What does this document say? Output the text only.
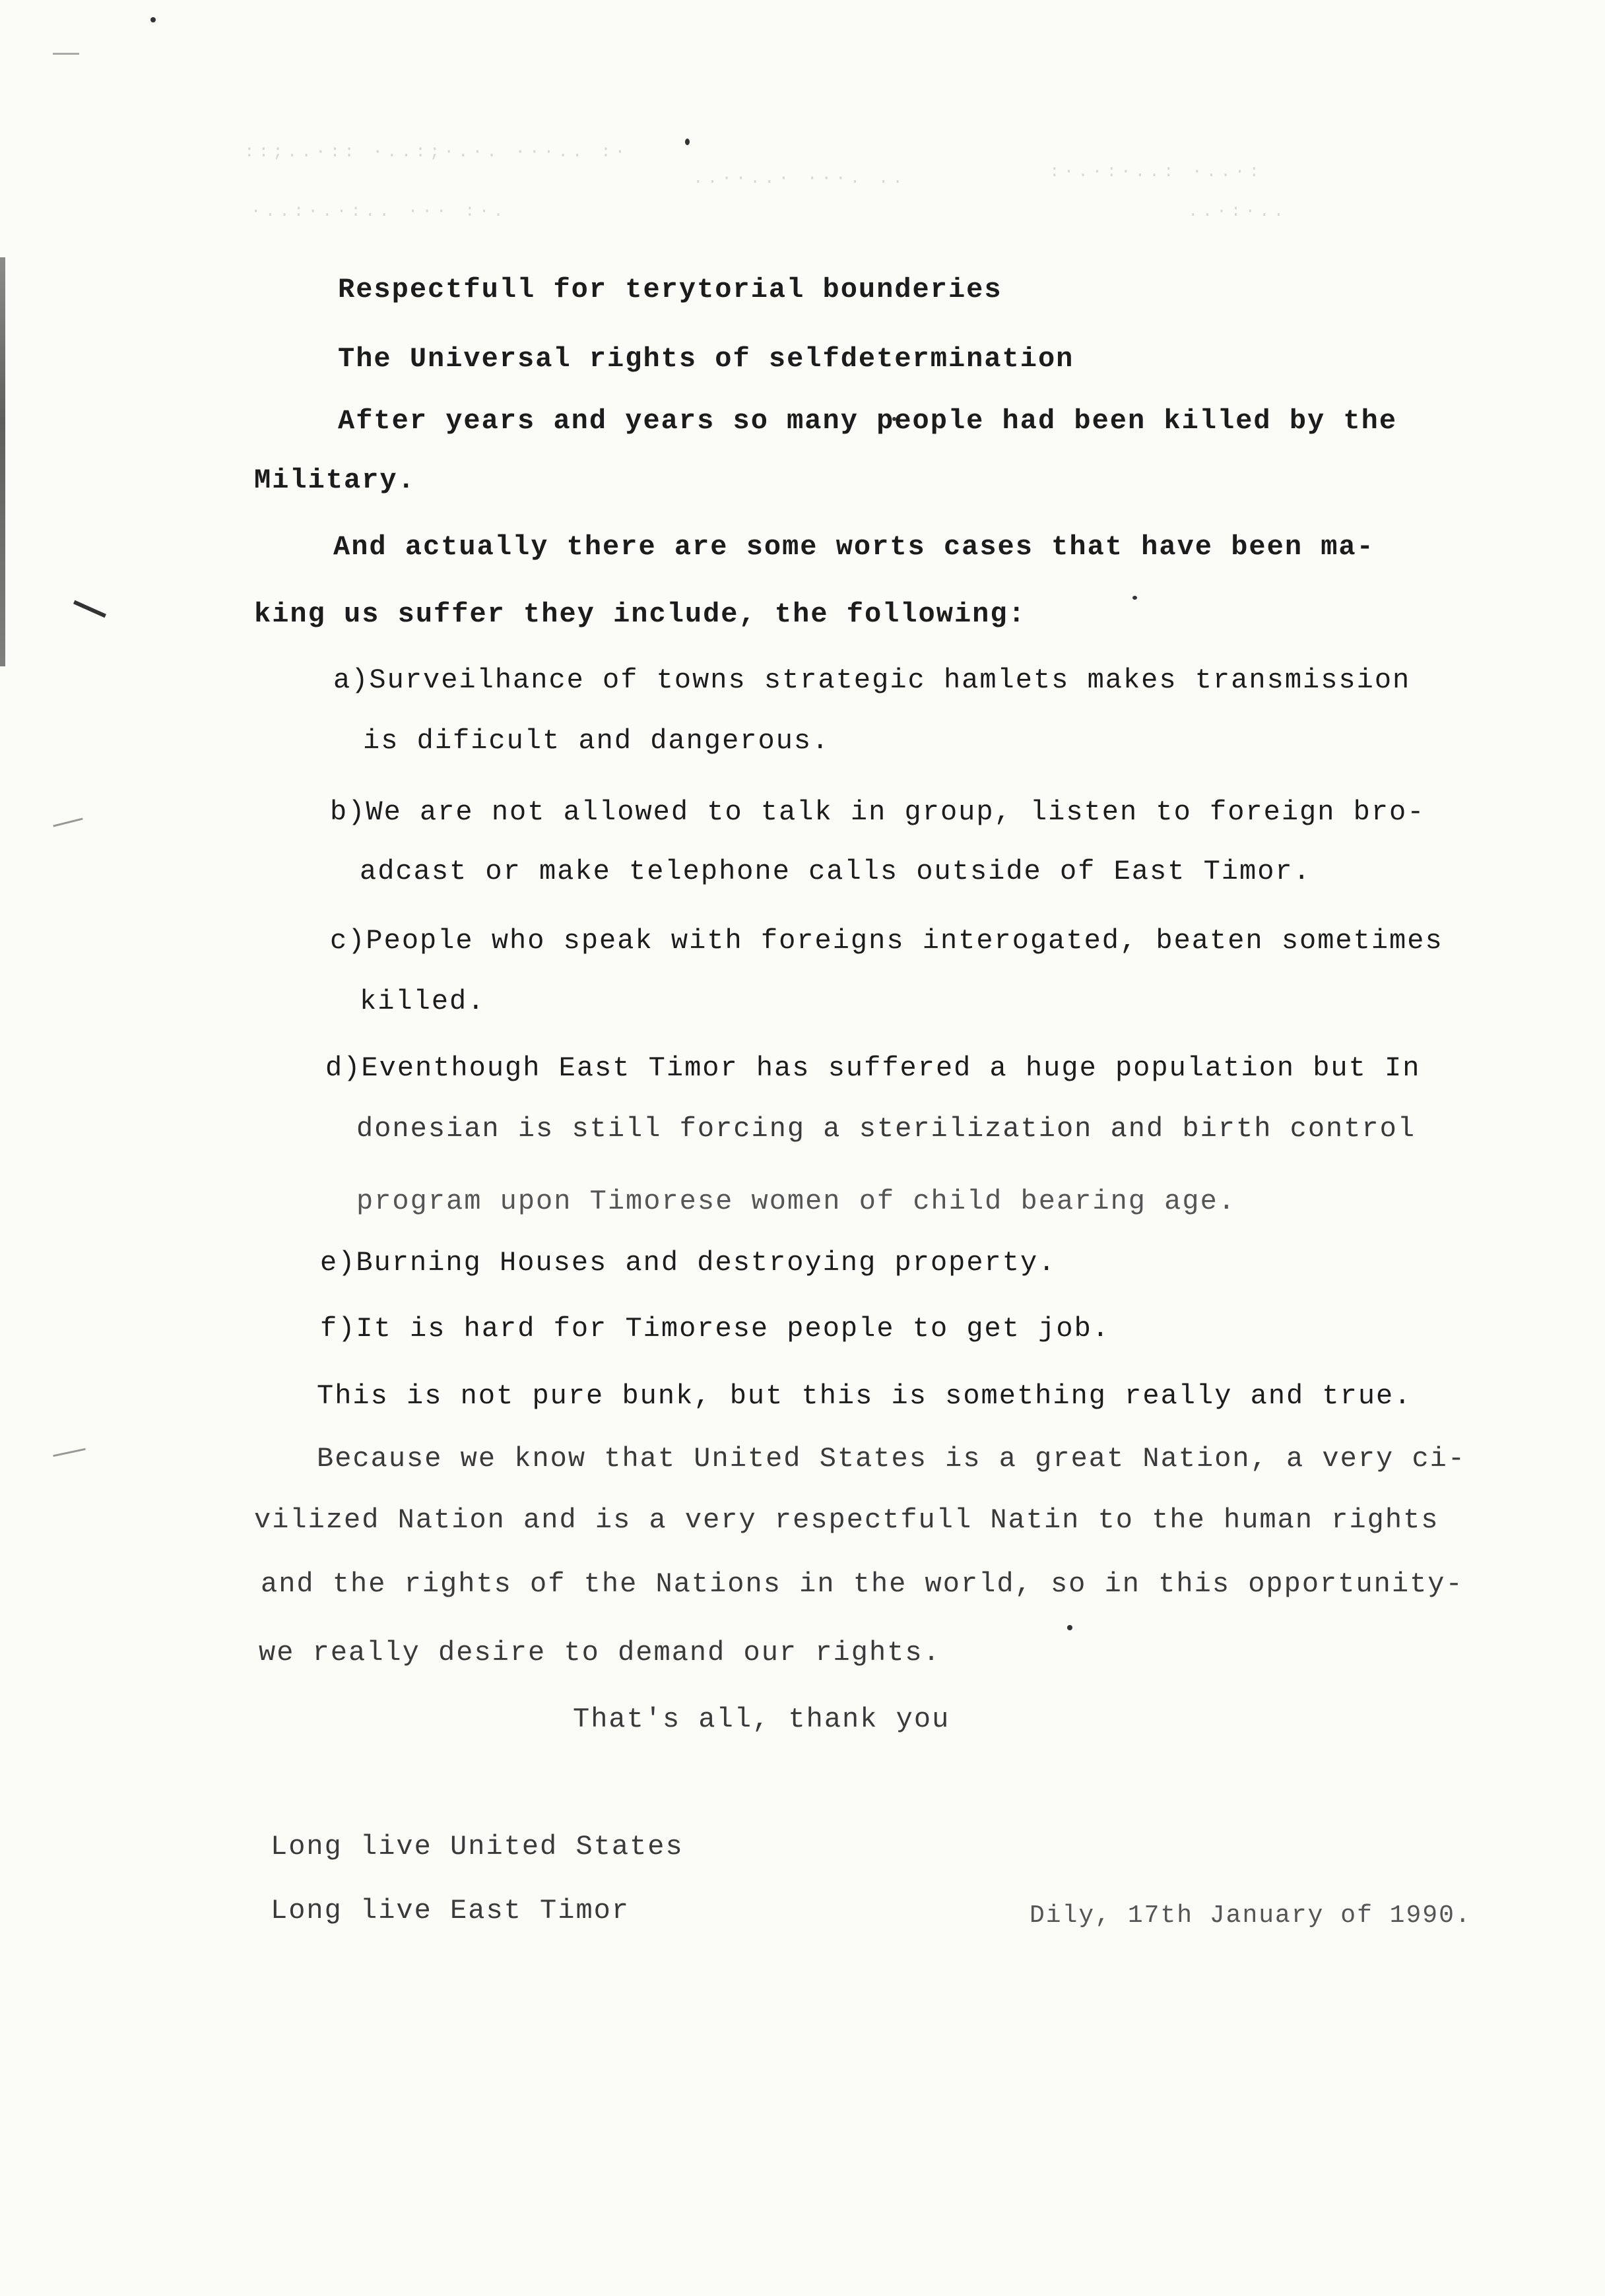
::;..·:: ·..:;·.·. ···.. :·
..··..· ···. ..	:·.·:·..: ·..·:
·..:·.·:.. ··· :·.	..·:·..
Respectfull for terytorial bounderies
The Universal rights of selfdetermination
After years and years so many people had been killed by the
Military.
And actually there are some worts cases that have been ma-
king us suffer they include, the following:
a)Surveilhance of towns strategic hamlets makes transmission
is dificult and dangerous.
b)We are not allowed to talk in group, listen to foreign bro-
adcast or make telephone calls outside of East Timor.
c)People who speak with foreigns interogated, beaten sometimes
killed.
d)Eventhough East Timor has suffered a huge population but In
donesian is still forcing a sterilization and birth control
program upon Timorese women of child bearing age.
e)Burning Houses and destroying property.
f)It is hard for Timorese people to get job.
This is not pure bunk, but this is something really and true.
Because we know that United States is a great Nation, a very ci-
vilized Nation and is a very respectfull Natin to the human rights
and the rights of the Nations in the world, so in this opportunity-
we really desire to demand our rights.
That's all, thank you
Long live United States
Long live East Timor	Dily, 17th January of 1990.
